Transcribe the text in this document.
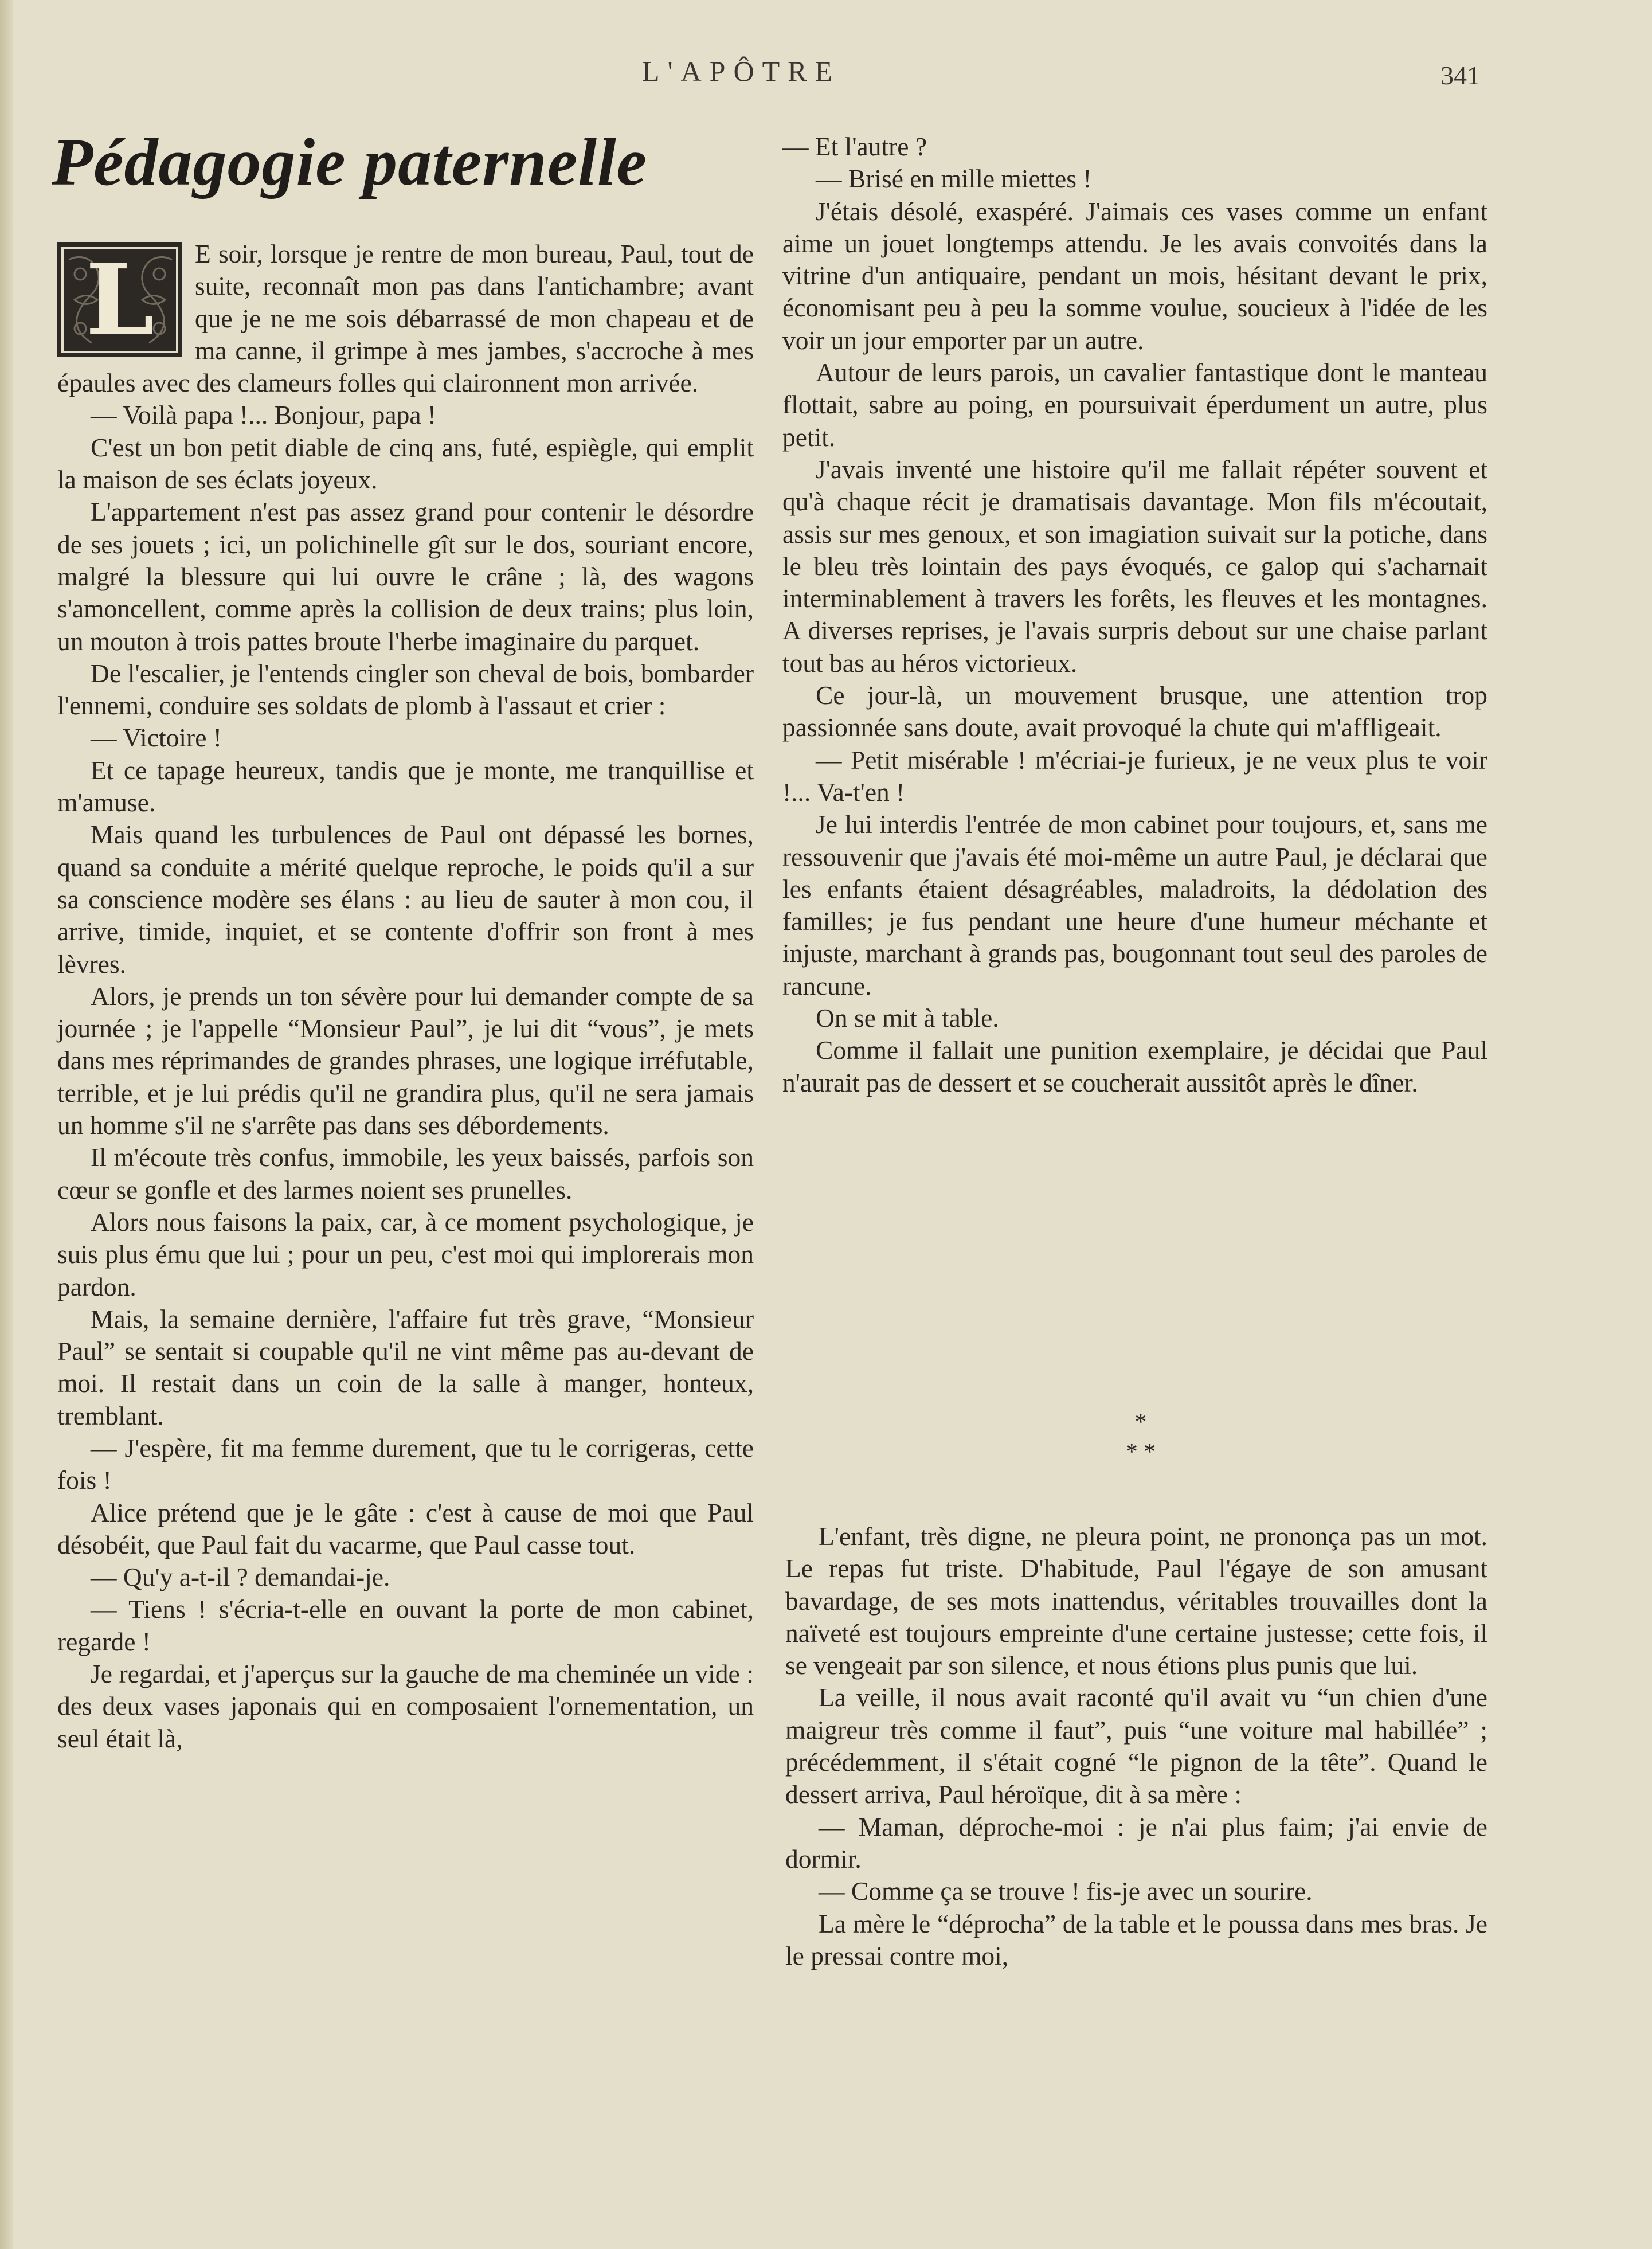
L'APÔTRE	341
Pédagogie paternelle

L E soir, lorsque je rentre de mon bureau, Paul, tout de suite, reconnaît mon pas dans l'antichambre; avant que je ne me sois débarrassé de mon chapeau et de ma canne, il grimpe à mes jambes, s'accroche à mes épaules avec des clameurs folles qui claironnent mon arrivée.

— Voilà papa !... Bonjour, papa !

C'est un bon petit diable de cinq ans, futé, espiègle, qui emplit la maison de ses éclats joyeux.

L'appartement n'est pas assez grand pour contenir le désordre de ses jouets ; ici, un polichinelle gît sur le dos, souriant encore, malgré la blessure qui lui ouvre le crâne ; là, des wagons s'amoncellent, comme après la collision de deux trains; plus loin, un mouton à trois pattes broute l'herbe imaginaire du parquet.

De l'escalier, je l'entends cingler son cheval de bois, bombarder l'ennemi, conduire ses soldats de plomb à l'assaut et crier :

— Victoire !

Et ce tapage heureux, tandis que je monte, me tranquillise et m'amuse.

Mais quand les turbulences de Paul ont dépassé les bornes, quand sa conduite a mérité quelque reproche, le poids qu'il a sur sa conscience modère ses élans : au lieu de sauter à mon cou, il arrive, timide, inquiet, et se contente d'offrir son front à mes lèvres.

Alors, je prends un ton sévère pour lui demander compte de sa journée ; je l'appelle “Monsieur Paul”, je lui dit “vous”, je mets dans mes réprimandes de grandes phrases, une logique irréfutable, terrible, et je lui prédis qu'il ne grandira plus, qu'il ne sera jamais un homme s'il ne s'arrête pas dans ses débordements.

Il m'écoute très confus, immobile, les yeux baissés, parfois son cœur se gonfle et des larmes noient ses prunelles.

Alors nous faisons la paix, car, à ce moment psychologique, je suis plus ému que lui ; pour un peu, c'est moi qui implorerais mon pardon.

Mais, la semaine dernière, l'affaire fut très grave, “Monsieur Paul” se sentait si coupable qu'il ne vint même pas au-devant de moi. Il restait dans un coin de la salle à manger, honteux, tremblant.

— J'espère, fit ma femme durement, que tu le corrigeras, cette fois !

Alice prétend que je le gâte : c'est à cause de moi que Paul désobéit, que Paul fait du vacarme, que Paul casse tout.

— Qu'y a-t-il ? demandai-je.

— Tiens ! s'écria-t-elle en ouvant la porte de mon cabinet, regarde !

Je regardai, et j'aperçus sur la gauche de ma cheminée un vide : des deux vases japonais qui en composaient l'ornementation, un seul était là,

— Et l'autre ?

— Brisé en mille miettes !

J'étais désolé, exaspéré. J'aimais ces vases comme un enfant aime un jouet longtemps attendu. Je les avais convoités dans la vitrine d'un antiquaire, pendant un mois, hésitant devant le prix, économisant peu à peu la somme voulue, soucieux à l'idée de les voir un jour emporter par un autre.

Autour de leurs parois, un cavalier fantastique dont le manteau flottait, sabre au poing, en poursuivait éperdument un autre, plus petit.

J'avais inventé une histoire qu'il me fallait répéter souvent et qu'à chaque récit je dramatisais davantage. Mon fils m'écoutait, assis sur mes genoux, et son imagiation suivait sur la potiche, dans le bleu très lointain des pays évoqués, ce galop qui s'acharnait interminablement à travers les forêts, les fleuves et les montagnes. A diverses reprises, je l'avais surpris debout sur une chaise parlant tout bas au héros victorieux.

Ce jour-là, un mouvement brusque, une attention trop passionnée sans doute, avait provoqué la chute qui m'affligeait.

— Petit misérable ! m'écriai-je furieux, je ne veux plus te voir !... Va-t'en !

Je lui interdis l'entrée de mon cabinet pour toujours, et, sans me ressouvenir que j'avais été moi-même un autre Paul, je déclarai que les enfants étaient désagréables, maladroits, la dédolation des familles; je fus pendant une heure d'une humeur méchante et injuste, marchant à grands pas, bougonnant tout seul des paroles de rancune.

On se mit à table.

Comme il fallait une punition exemplaire, je décidai que Paul n'aurait pas de dessert et se coucherait aussitôt après le dîner.

*
* *

L'enfant, très digne, ne pleura point, ne prononça pas un mot. Le repas fut triste. D'habitude, Paul l'égaye de son amusant bavardage, de ses mots inattendus, véritables trouvailles dont la naïveté est toujours empreinte d'une certaine justesse; cette fois, il se vengeait par son silence, et nous étions plus punis que lui.

La veille, il nous avait raconté qu'il avait vu “un chien d'une maigreur très comme il faut”, puis “une voiture mal habillée” ; précédemment, il s'était cogné “le pignon de la tête”. Quand le dessert arriva, Paul héroïque, dit à sa mère :

— Maman, déproche-moi : je n'ai plus faim; j'ai envie de dormir.

— Comme ça se trouve ! fis-je avec un sourire.

La mère le “déprocha” de la table et le poussa dans mes bras. Je le pressai contre moi,
